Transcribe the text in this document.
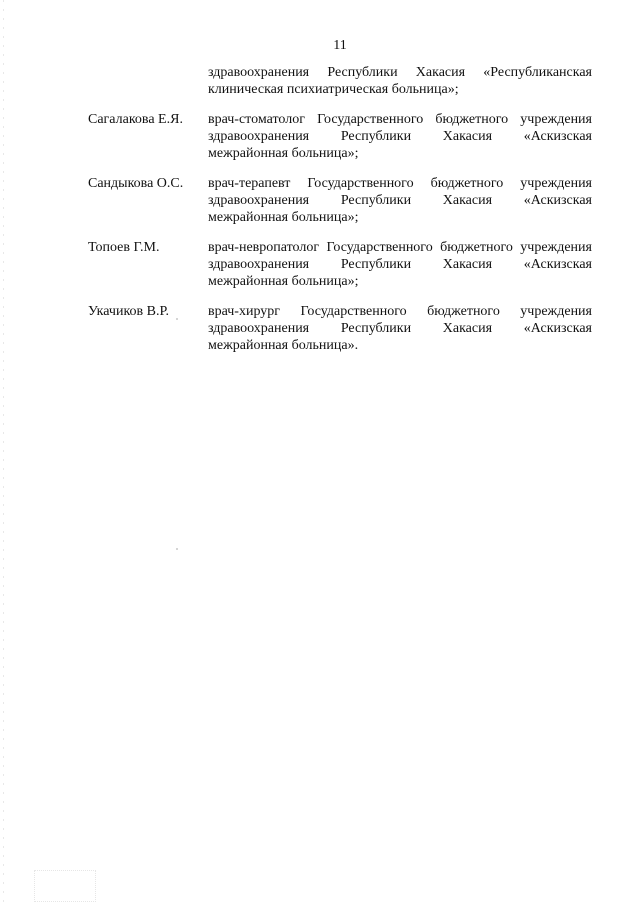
11
здравоохранения Республики Хакасия «Республиканская
клиническая психиатрическая больница»;
Сагалакова Е.Я.	врач-стоматолог Государственного бюджетного учреждения
здравоохранения Республики Хакасия «Аскизская
межрайонная больница»;
Сандыкова О.С.	врач-терапевт Государственного бюджетного учреждения
здравоохранения Республики Хакасия «Аскизская
межрайонная больница»;
Топоев Г.М.	врач-невропатолог Государственного бюджетного учреждения
здравоохранения Республики Хакасия «Аскизская
межрайонная больница»;
Укачиков В.Р.	врач-хирург Государственного бюджетного учреждения
здравоохранения Республики Хакасия «Аскизская
межрайонная больница».
